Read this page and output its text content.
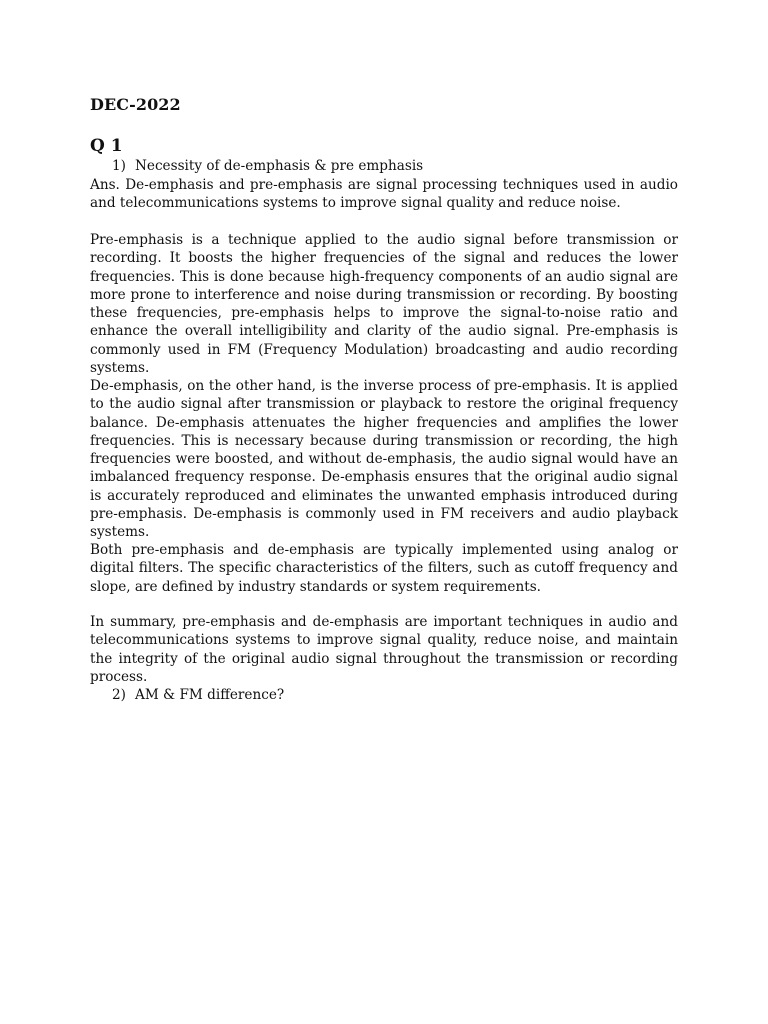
DEC-2022
Q 1

1) Necessity of de-emphasis & pre emphasis

Ans. De-emphasis and pre-emphasis are signal processing techniques used in audio and telecommunications systems to improve signal quality and reduce noise.

Pre-emphasis is a technique applied to the audio signal before transmission or recording. It boosts the higher frequencies of the signal and reduces the lower frequencies. This is done because high-frequency components of an audio signal are more prone to interference and noise during transmission or recording. By boosting these frequencies, pre-emphasis helps to improve the signal-to-noise ratio and enhance the overall intelligibility and clarity of the audio signal. Pre-emphasis is commonly used in FM (Frequency Modulation) broadcasting and audio recording systems.

De-emphasis, on the other hand, is the inverse process of pre-emphasis. It is applied to the audio signal after transmission or playback to restore the original frequency balance. De-emphasis attenuates the higher frequencies and amplifies the lower frequencies. This is necessary because during transmission or recording, the high frequencies were boosted, and without de-emphasis, the audio signal would have an imbalanced frequency response. De-emphasis ensures that the original audio signal is accurately reproduced and eliminates the unwanted emphasis introduced during pre-emphasis. De-emphasis is commonly used in FM receivers and audio playback systems.

Both pre-emphasis and de-emphasis are typically implemented using analog or digital filters. The specific characteristics of the filters, such as cutoff frequency and slope, are defined by industry standards or system requirements.

In summary, pre-emphasis and de-emphasis are important techniques in audio and telecommunications systems to improve signal quality, reduce noise, and maintain the integrity of the original audio signal throughout the transmission or recording process.

2) AM & FM difference?
